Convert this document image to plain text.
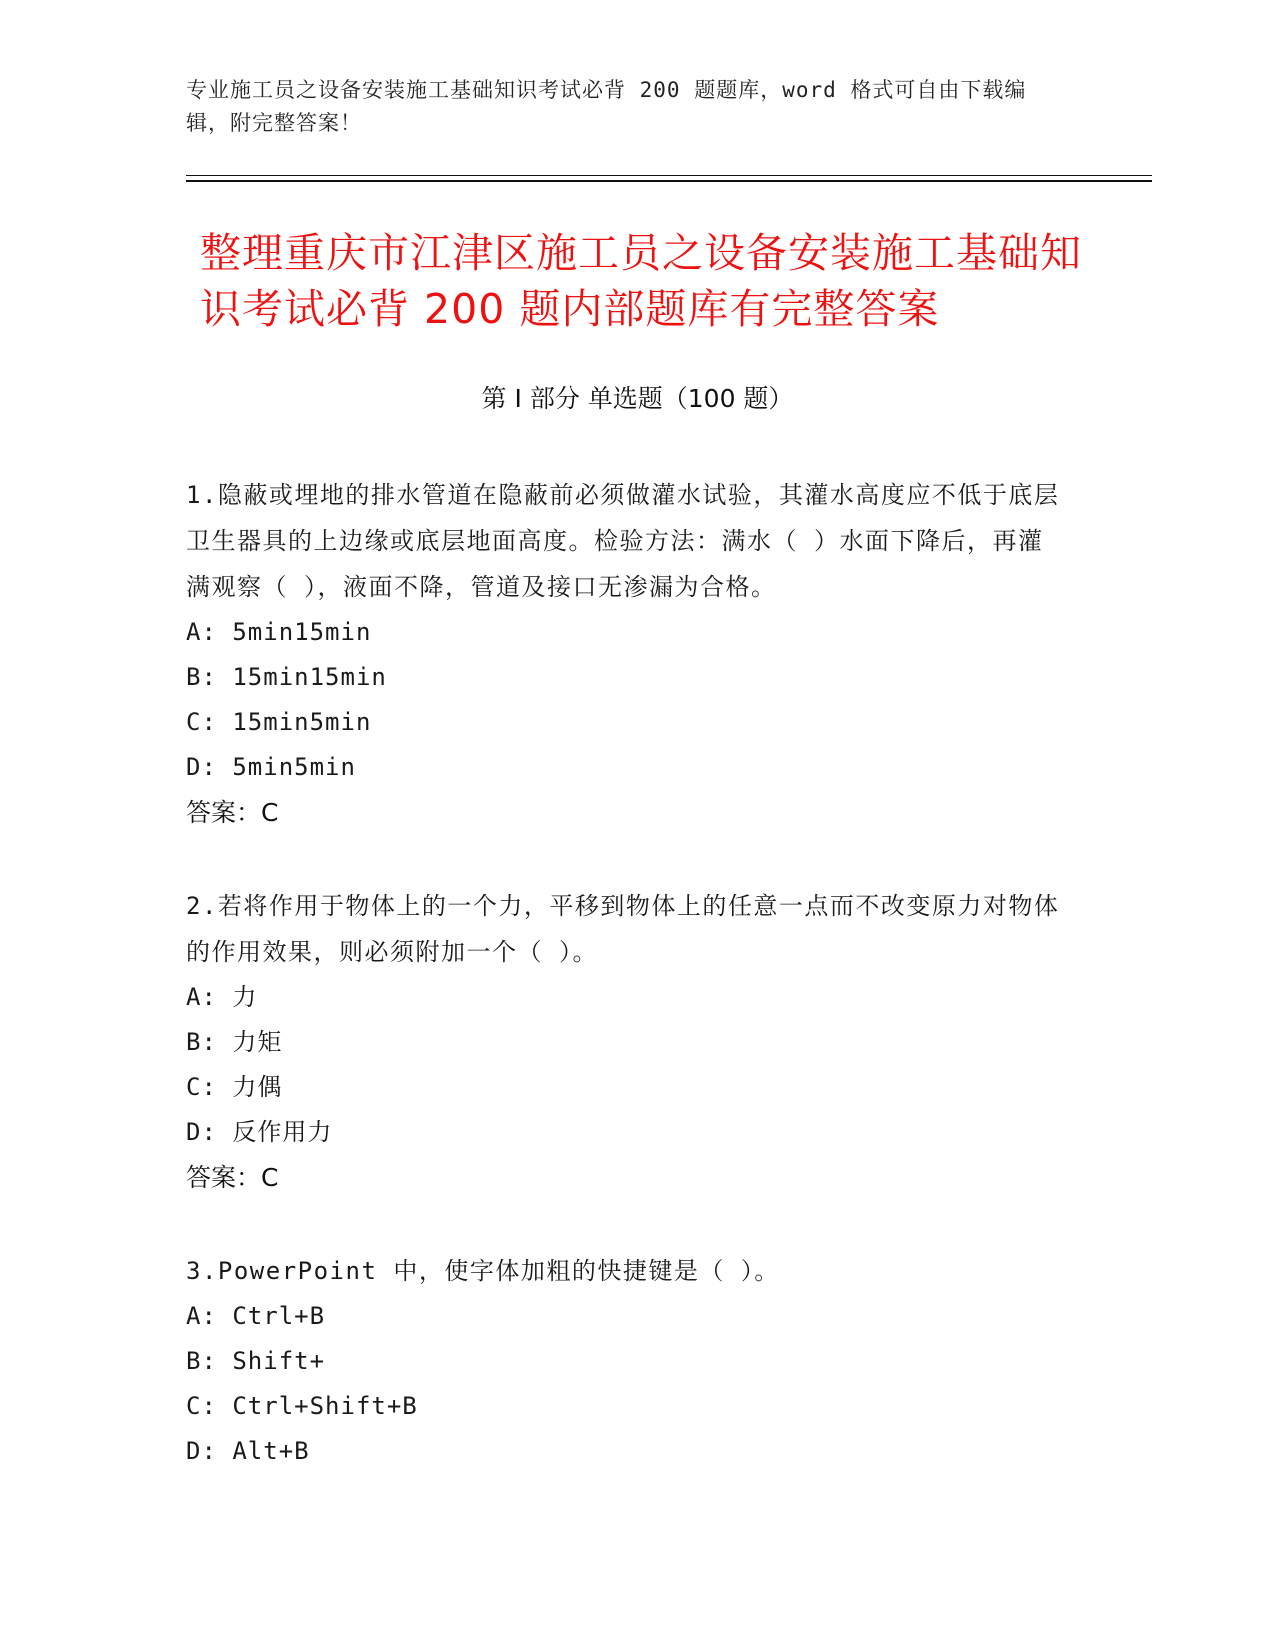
专业施工员之设备安装施工基础知识考试必背 200 题题库，word 格式可自由下载编辑，附完整答案！
整理重庆市江津区施工员之设备安装施工基础知识考试必背 200 题内部题库有完整答案
第 I 部分 单选题（100 题）
1.隐蔽或埋地的排水管道在隐蔽前必须做灌水试验，其灌水高度应不低于底层卫生器具的上边缘或底层地面高度。检验方法：满水（ ）水面下降后，再灌满观察（ ），液面不降，管道及接口无渗漏为合格。
A: 5min15min
B: 15min15min
C: 15min5min
D: 5min5min
答案：C
2.若将作用于物体上的一个力，平移到物体上的任意一点而不改变原力对物体的作用效果，则必须附加一个（ ）。
A: 力
B: 力矩
C: 力偶
D: 反作用力
答案：C
3.PowerPoint 中，使字体加粗的快捷键是（ ）。
A: Ctrl+B
B: Shift+
C: Ctrl+Shift+B
D: Alt+B
